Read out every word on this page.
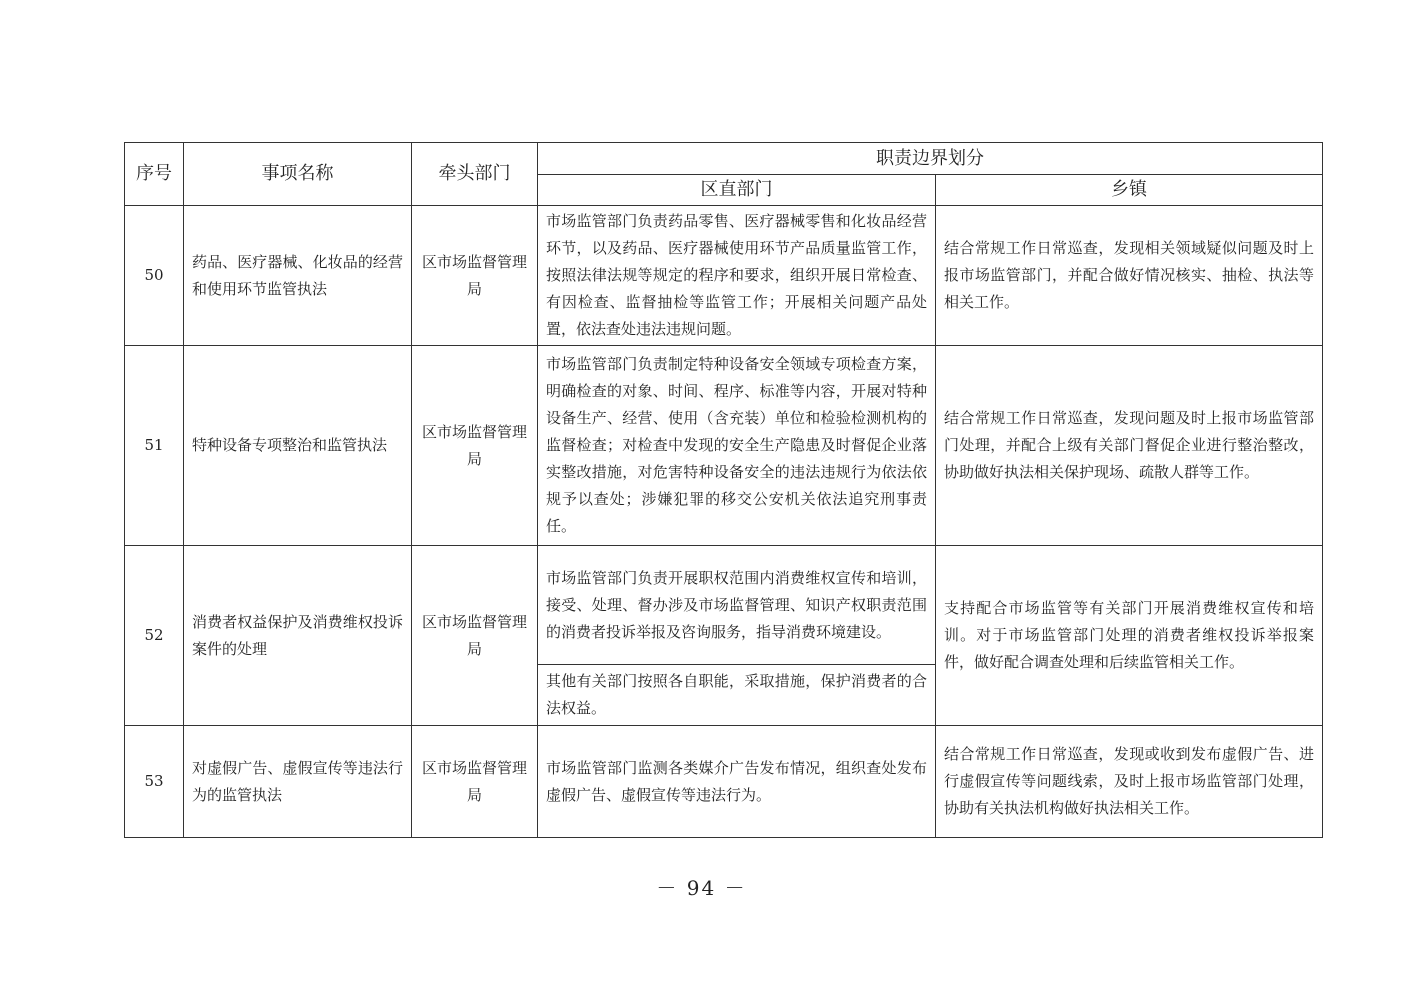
序号	事项名称	牵头部门	职责边界划分	
			区直部门	乡镇
50	药品、医疗器械、化妆品的经营和使用环节监管执法	区市场监督管理局	市场监管部门负责药品零售、医疗器械零售和化妆品经营环节，以及药品、医疗器械使用环节产品质量监管工作，按照法律法规等规定的程序和要求，组织开展日常检查、有因检查、监督抽检等监管工作；开展相关问题产品处置，依法查处违法违规问题。	结合常规工作日常巡查，发现相关领域疑似问题及时上报市场监管部门，并配合做好情况核实、抽检、执法等相关工作。
51	特种设备专项整治和监管执法	区市场监督管理局	市场监管部门负责制定特种设备安全领域专项检查方案，明确检查的对象、时间、程序、标准等内容，开展对特种设备生产、经营、使用（含充装）单位和检验检测机构的监督检查；对检查中发现的安全生产隐患及时督促企业落实整改措施，对危害特种设备安全的违法违规行为依法依规予以查处；涉嫌犯罪的移交公安机关依法追究刑事责任。	结合常规工作日常巡查，发现问题及时上报市场监管部门处理，并配合上级有关部门督促企业进行整治整改，协助做好执法相关保护现场、疏散人群等工作。
52	消费者权益保护及消费维权投诉案件的处理	区市场监督管理局	市场监管部门负责开展职权范围内消费维权宣传和培训，接受、处理、督办涉及市场监督管理、知识产权职责范围的消费者投诉举报及咨询服务，指导消费环境建设。	支持配合市场监管等有关部门开展消费维权宣传和培训。对于市场监管部门处理的消费者维权投诉举报案件，做好配合调查处理和后续监管相关工作。
			其他有关部门按照各自职能，采取措施，保护消费者的合法权益。	
53	对虚假广告、虚假宣传等违法行为的监管执法	区市场监督管理局	市场监管部门监测各类媒介广告发布情况，组织查处发布虚假广告、虚假宣传等违法行为。	结合常规工作日常巡查，发现或收到发布虚假广告、进行虚假宣传等问题线索，及时上报市场监管部门处理，协助有关执法机构做好执法相关工作。
－ 94 －
